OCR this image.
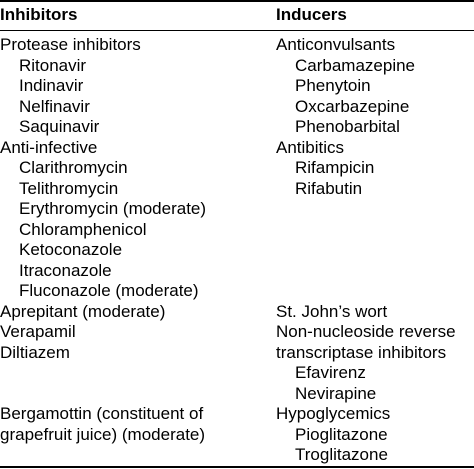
Inhibitors	Inducers
Protease inhibitors
Ritonavir
Indinavir
Nelfinavir
Saquinavir
Anti-infective
Clarithromycin
Telithromycin
Erythromycin (moderate)
Chloramphenicol
Ketoconazole
Itraconazole
Fluconazole (moderate)
Aprepitant (moderate)
Verapamil
Diltiazem
Bergamottin (constituent of
grapefruit juice) (moderate)
Anticonvulsants
Carbamazepine
Phenytoin
Oxcarbazepine
Phenobarbital
Antibitics
Rifampicin
Rifabutin
St. John’s wort
Non-nucleoside reverse
transcriptase inhibitors
Efavirenz
Nevirapine
Hypoglycemics
Pioglitazone
Troglitazone
